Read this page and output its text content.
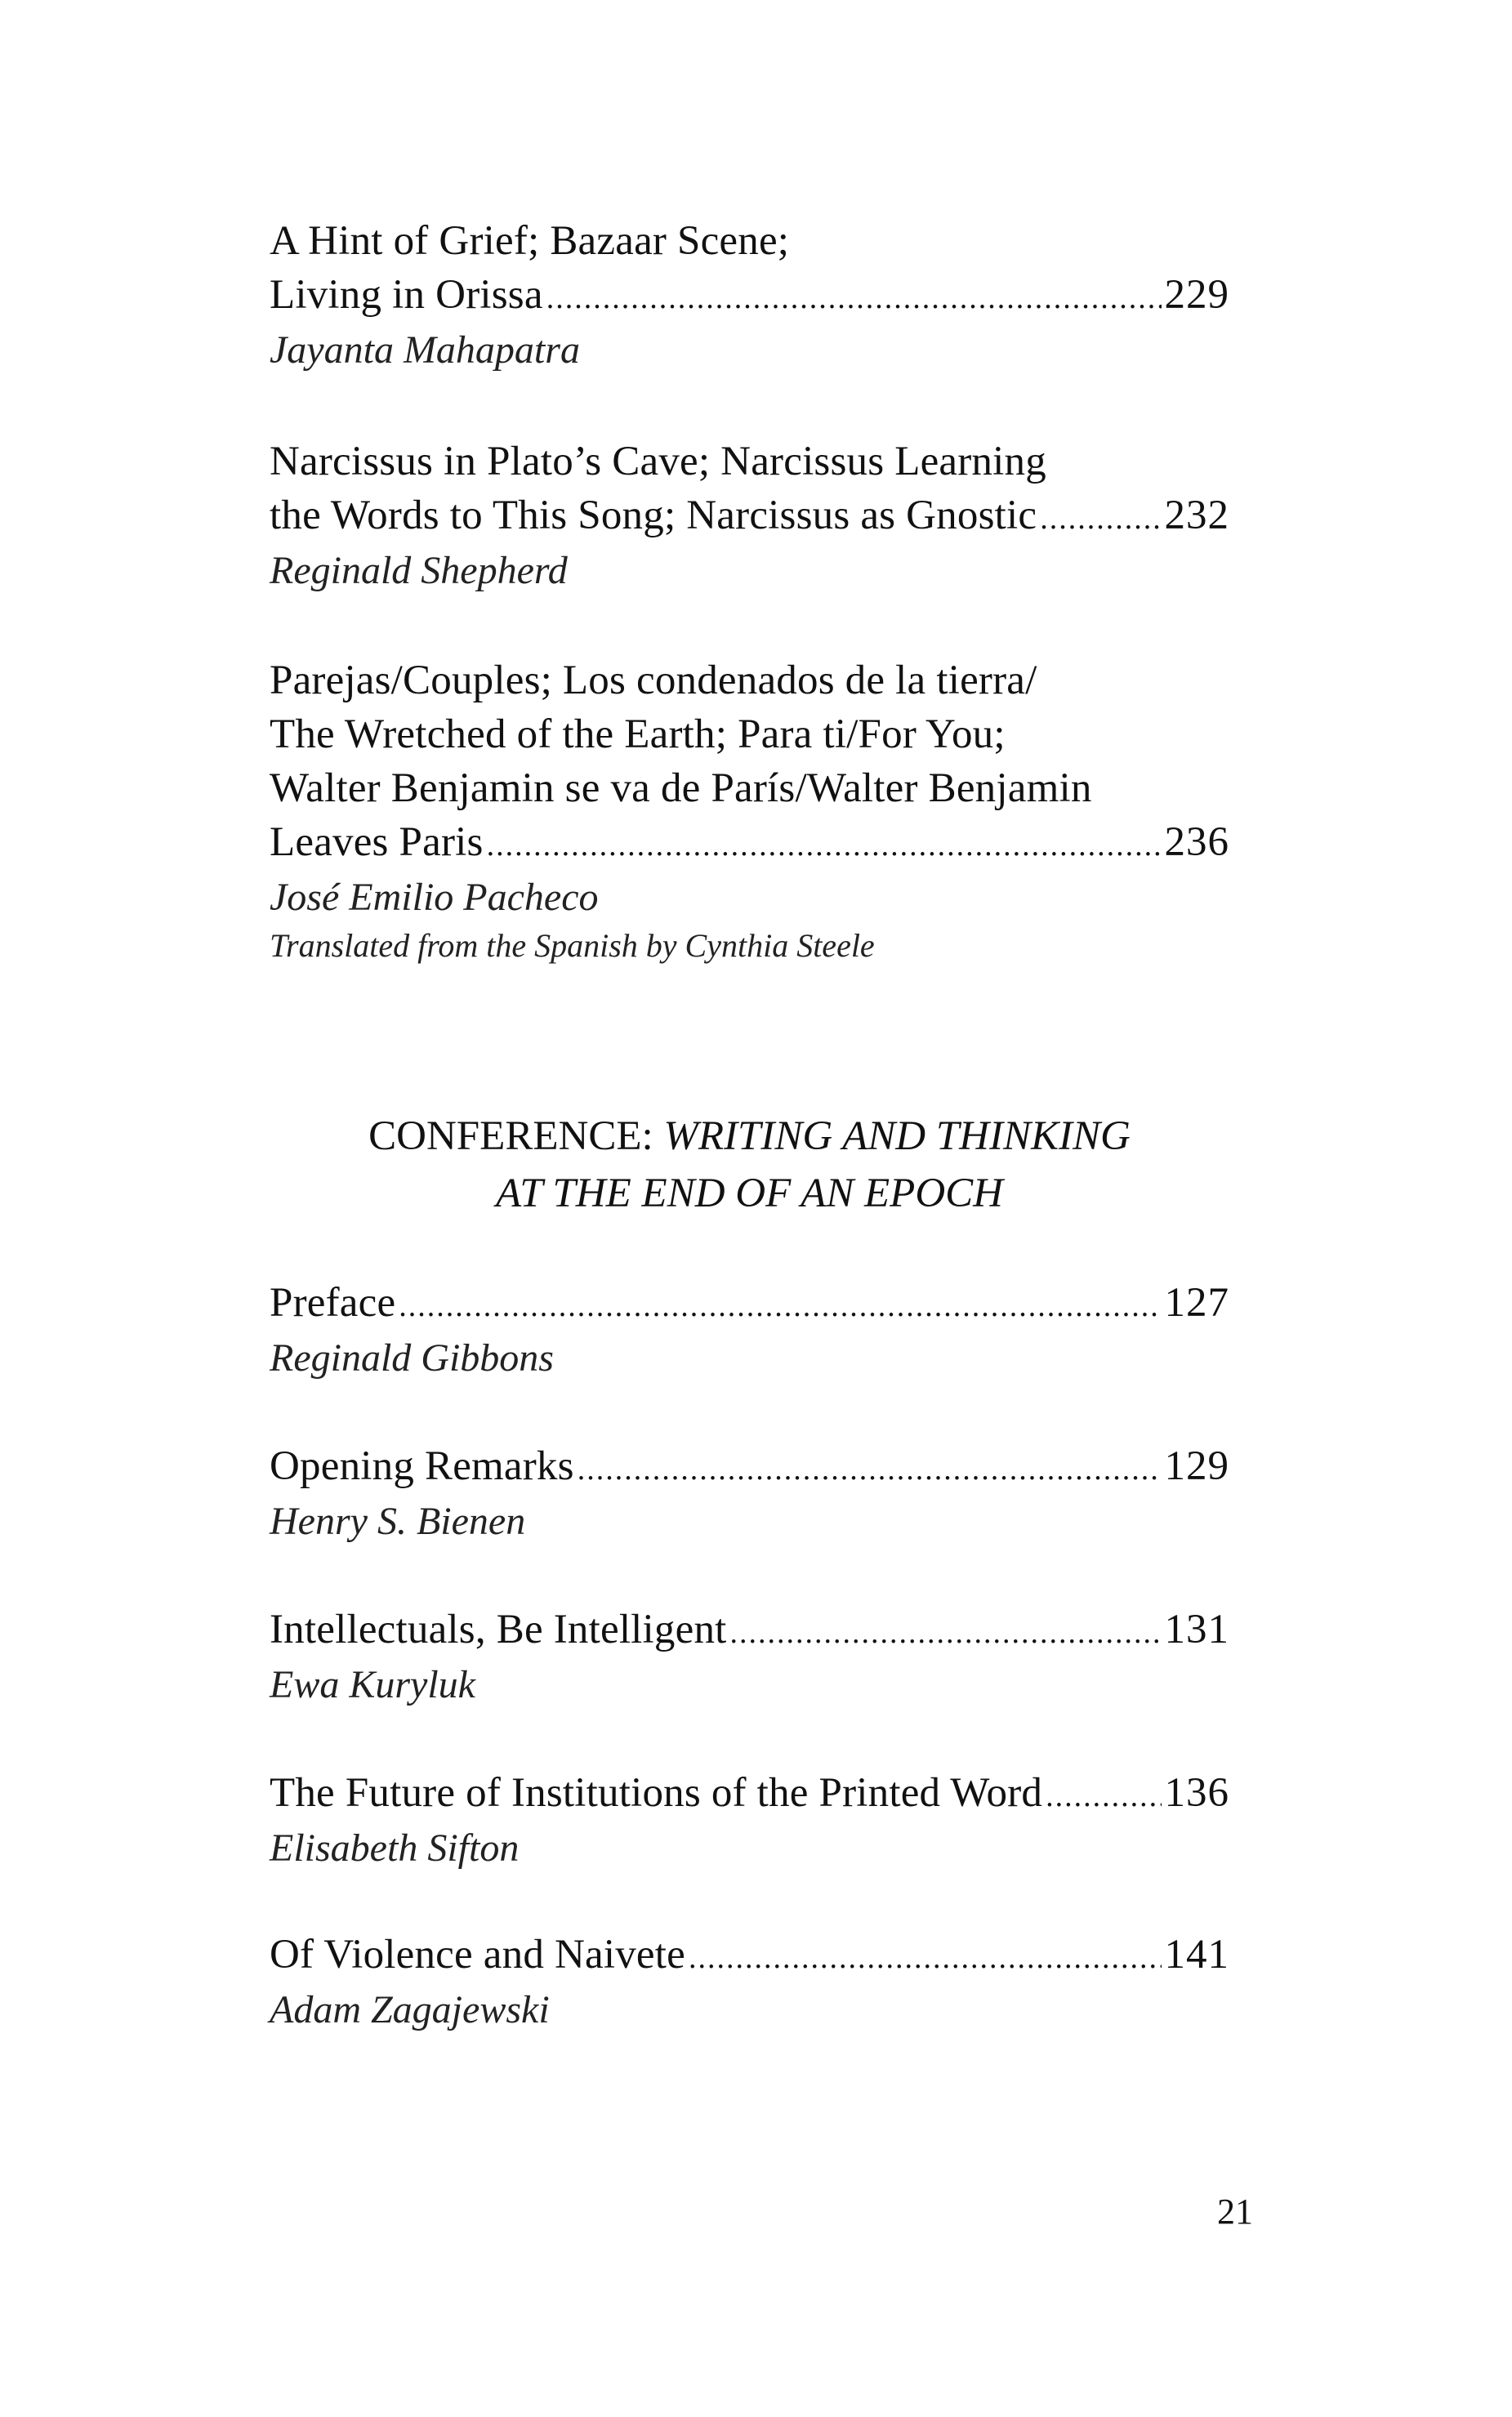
A Hint of Grief; Bazaar Scene;
Living in Orissa .....	229
Jayanta Mahapatra
Narcissus in Plato’s Cave; Narcissus Learning
the Words to This Song; Narcissus as Gnostic .....	232
Reginald Shepherd
Parejas/Couples; Los condenados de la tierra/
The Wretched of the Earth; Para ti/For You;
Walter Benjamin se va de París/Walter Benjamin
Leaves Paris .....	236
José Emilio Pacheco
Translated from the Spanish by Cynthia Steele
CONFERENCE: WRITING AND THINKING
AT THE END OF AN EPOCH
Preface .....	127
Reginald Gibbons
Opening Remarks .....	129
Henry S. Bienen
Intellectuals, Be Intelligent .....	131
Ewa Kuryluk
The Future of Institutions of the Printed Word .....	136
Elisabeth Sifton
Of Violence and Naivete .....	141
Adam Zagajewski
21
